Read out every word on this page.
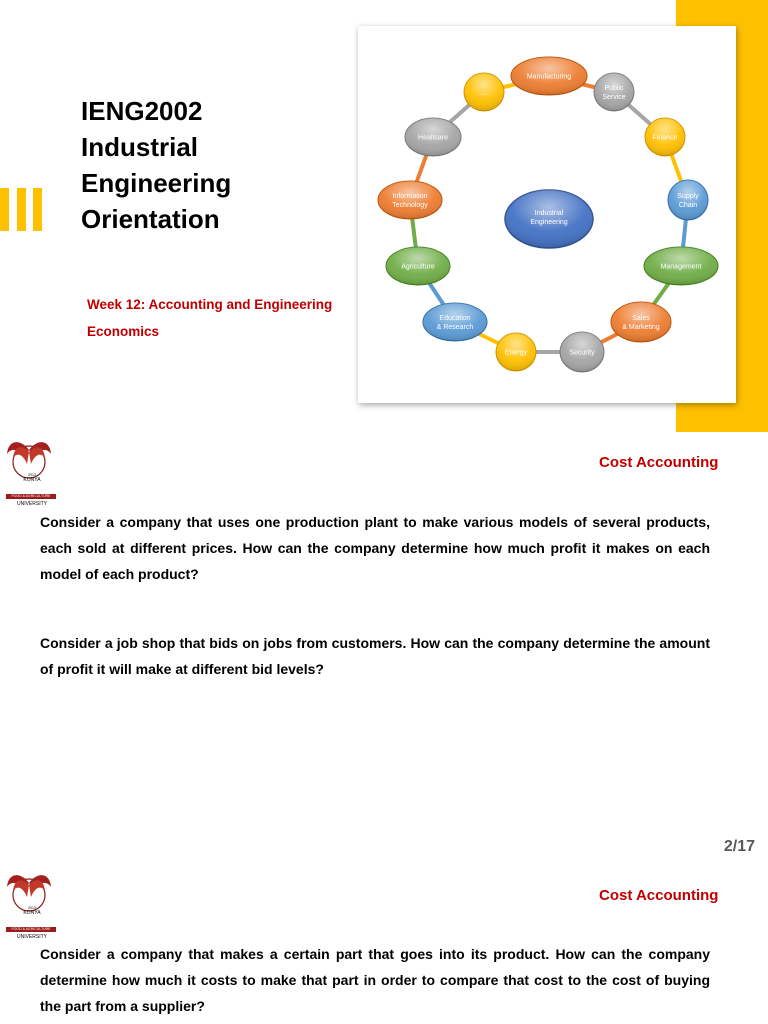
IENG2002
Industrial
Engineering
Orientation
Week 12: Accounting and Engineering Economics
Manufacturing
Public Service
Finance
Supply Chain
Management
Sales & Marketing
Security
Energy
Education & Research
Agriculture
Information Technology
Healtcare
....
Industrial Engineering
2013
KONYA
FOOD & AGRICULTURE
UNIVERSITY
Cost Accounting
Consider a company that uses one production plant to make various models of several products, each sold at different prices. How can the company determine how much profit it makes on each model of each product?
Consider a job shop that bids on jobs from customers. How can the company determine the amount of profit it will make at different bid levels?
2/17
2013
KONYA
FOOD & AGRICULTURE
UNIVERSITY
Cost Accounting
Consider a company that makes a certain part that goes into its product. How can the company determine how much it costs to make that part in order to compare that cost to the cost of buying the part from a supplier?
